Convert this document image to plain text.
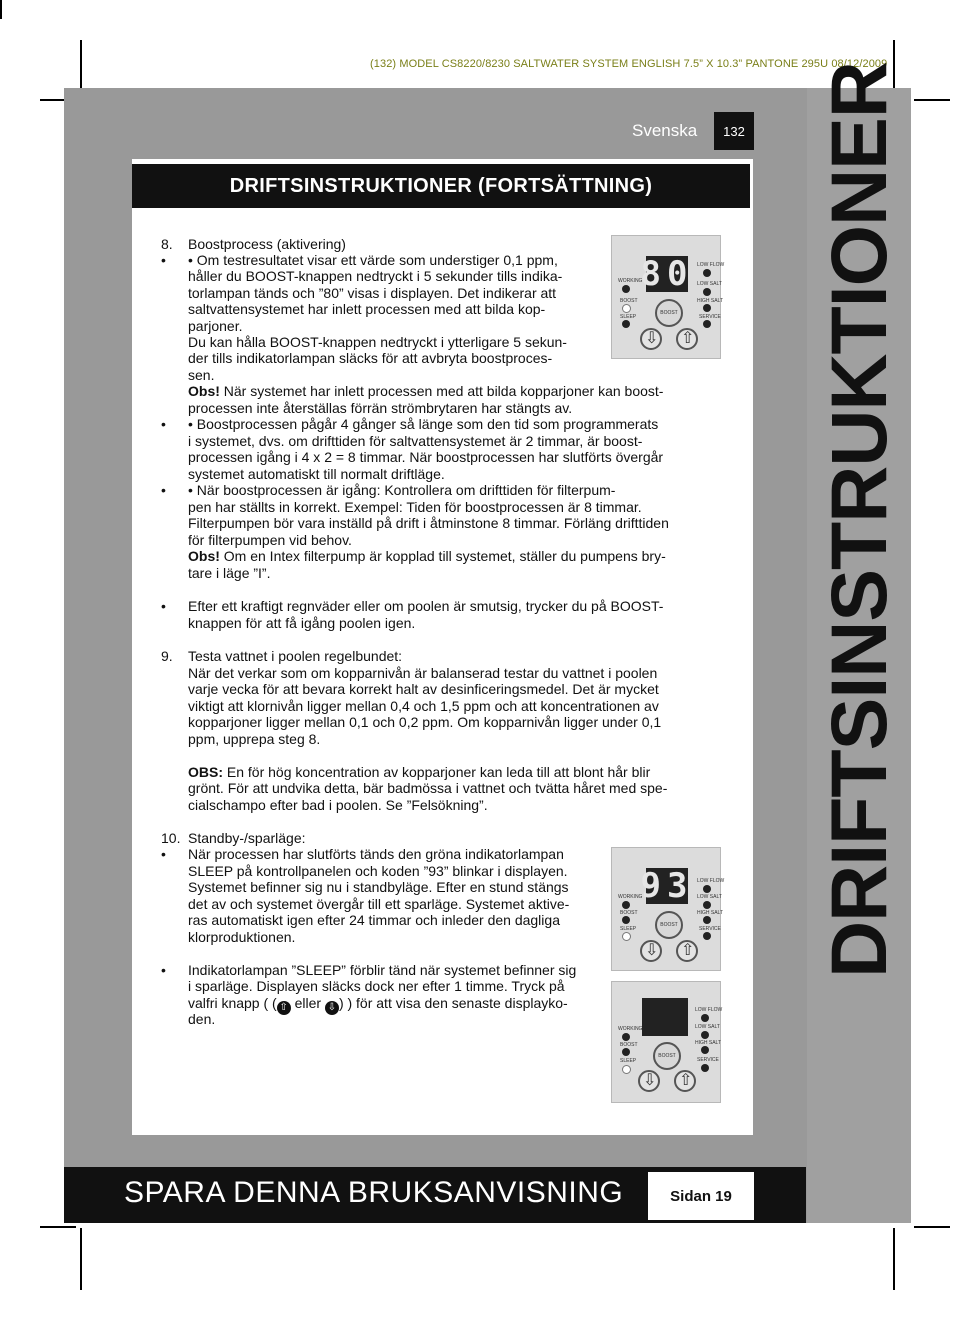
(132) MODEL CS8220/8230 SALTWATER SYSTEM ENGLISH 7.5” X 10.3” PANTONE 295U 08/12/2009
DRIFTSINSTRUKTIONER
Svenska	132
DRIFTSINSTRUKTIONER (FORTSÄTTNING)
8. Boostprocess (aktivering)
• • Om testresultatet visar ett värde som understiger 0,1 ppm,
håller du BOOST-knappen nedtryckt i 5 sekunder tills indika-
torlampan tänds och ”80” visas i displayen. Det indikerar att
saltvattensystemet har inlett processen med att bilda kop-
parjoner.
Du kan hålla BOOST-knappen nedtryckt i ytterligare 5 sekun-
der tills indikatorlampan släcks för att avbryta boostproces-
sen.
Obs! När systemet har inlett processen med att bilda kopparjoner kan boost-
processen inte återställas förrän strömbrytaren har stängts av.
• • Boostprocessen pågår 4 gånger så länge som den tid som programmerats
i systemet, dvs. om drifttiden för saltvattensystemet är 2 timmar, är boost-
processen igång i 4 x 2 = 8 timmar. När boostprocessen har slutförts övergår
systemet automatiskt till normalt driftläge.
• • När boostprocessen är igång: Kontrollera om drifttiden för filterpum-
pen har ställts in korrekt. Exempel: Tiden för boostprocessen är 8 timmar.
Filterpumpen bör vara inställd på drift i åtminstone 8 timmar. Förläng drifttiden
för filterpumpen vid behov.
Obs! Om en Intex filterpump är kopplad till systemet, ställer du pumpens bry-
tare i läge ”I”.
• Efter ett kraftigt regnväder eller om poolen är smutsig, trycker du på BOOST-
knappen för att få igång poolen igen.
9. Testa vattnet i poolen regelbundet:
När det verkar som om kopparnivån är balanserad testar du vattnet i poolen
varje vecka för att bevara korrekt halt av desinficeringsmedel. Det är mycket
viktigt att klornivån ligger mellan 0,4 och 1,5 ppm och att koncentrationen av
kopparjoner ligger mellan 0,1 och 0,2 ppm. Om kopparnivån ligger under 0,1
ppm, upprepa steg 8.
OBS: En för hög koncentration av kopparjoner kan leda till att blont hår blir
grönt. För att undvika detta, bär badmössa i vattnet och tvätta håret med spe-
cialschampo efter bad i poolen. Se ”Felsökning”.
10. Standby-/sparläge:
• När processen har slutförts tänds den gröna indikatorlampan
SLEEP på kontrollpanelen och koden ”93” blinkar i displayen.
Systemet befinner sig nu i standbyläge. Efter en stund stängs
det av och systemet övergår till ett sparläge. Systemet aktive-
ras automatiskt igen efter 24 timmar och inleder den dagliga
klorproduktionen.
• Indikatorlampan ”SLEEP” förblir tänd när systemet befinner sig
i sparläge. Displayen släcks dock ner efter 1 timme. Tryck på
valfri knapp ( ( ⇧ eller ⇩ ) ) för att visa den senaste displayko-
den.
80 LOW FLOW
LOW SALT
WORKING
BOOST
SLEEP
BOOST
HIGH SALT
SERVICE
⇩ ⇧
93 LOW FLOW
LOW SALT
WORKING
BOOST
SLEEP
BOOST
HIGH SALT
SERVICE
⇩ ⇧
LOW FLOW
LOW SALT
WORKING
BOOST
SLEEP
BOOST
HIGH SALT
SERVICE
⇩ ⇧
SPARA DENNA BRUKSANVISNING	Sidan 19
